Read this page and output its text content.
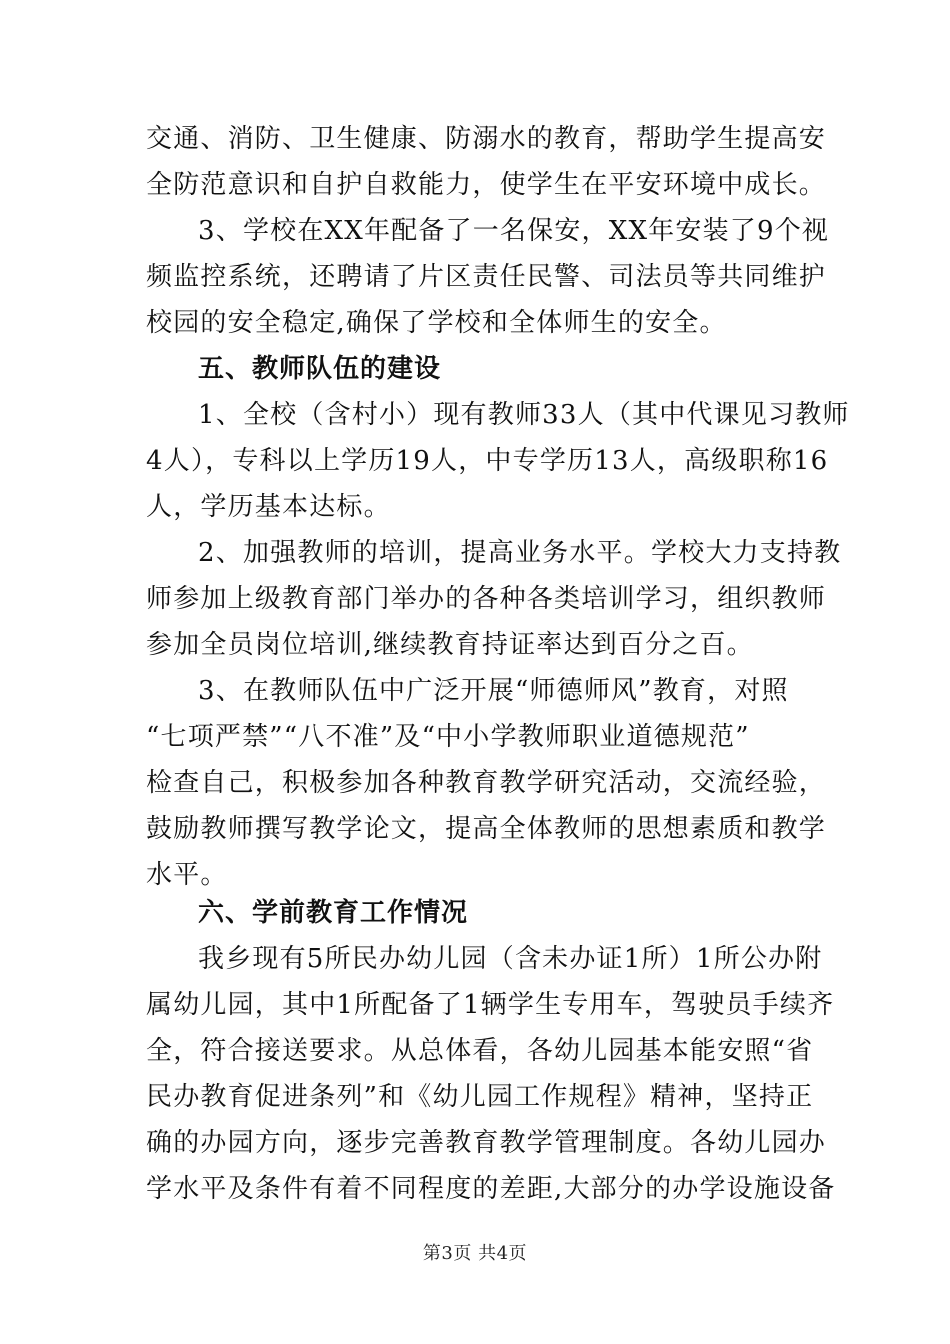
交通、消防、卫生健康、防溺水的教育，帮助学生提高安
全防范意识和自护自救能力，使学生在平安环境中成长。
3、学校在XX年配备了一名保安，XX年安装了9个视
频监控系统，还聘请了片区责任民警、司法员等共同维护
校园的安全稳定,确保了学校和全体师生的安全。
五、教师队伍的建设
1、全校（含村小）现有教师33人（其中代课见习教师
4人），专科以上学历19人，中专学历13人，高级职称16
人，学历基本达标。
2、加强教师的培训，提高业务水平。学校大力支持教
师参加上级教育部门举办的各种各类培训学习，组织教师
参加全员岗位培训,继续教育持证率达到百分之百。
3、在教师队伍中广泛开展“师德师风”教育，对照
“七项严禁”“八不准”及“中小学教师职业道德规范”
检查自己，积极参加各种教育教学研究活动，交流经验，
鼓励教师撰写教学论文，提高全体教师的思想素质和教学
水平。
六、学前教育工作情况
我乡现有5所民办幼儿园（含未办证1所）1所公办附
属幼儿园，其中1所配备了1辆学生专用车，驾驶员手续齐
全，符合接送要求。从总体看，各幼儿园基本能安照“省
民办教育促进条列”和《幼儿园工作规程》精神，坚持正
确的办园方向，逐步完善教育教学管理制度。各幼儿园办
学水平及条件有着不同程度的差距,大部分的办学设施设备
第3页 共4页
